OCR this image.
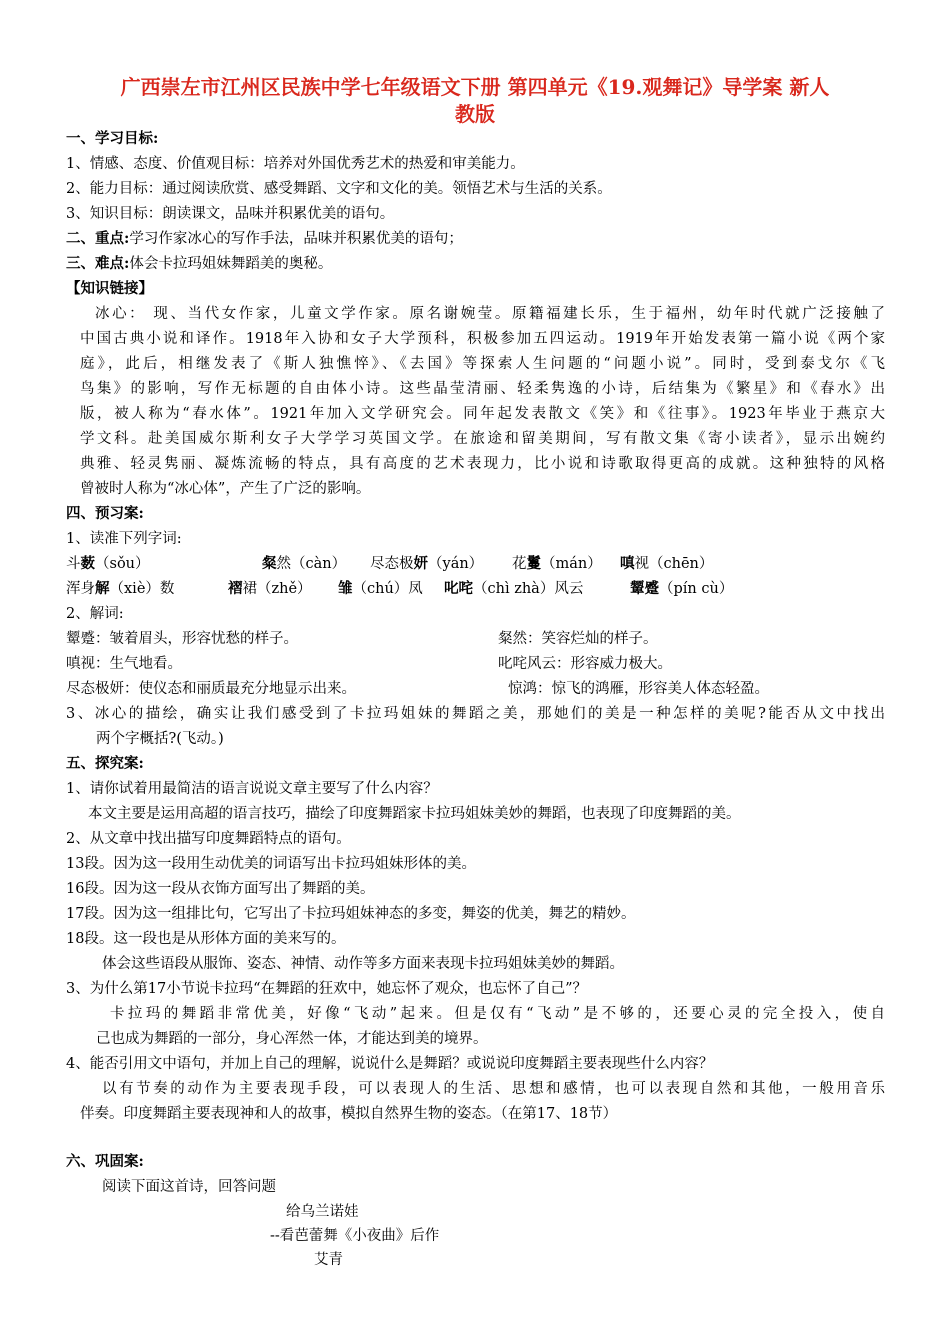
广西崇左市江州区民族中学七年级语文下册 第四单元《19.观舞记》导学案 新人
教版
一、学习目标:
1、情感、态度、价值观目标：培养对外国优秀艺术的热爱和审美能力。
2、能力目标：通过阅读欣赏、感受舞蹈、文字和文化的美。领悟艺术与生活的关系。
3、知识目标：朗读课文，品味并积累优美的语句。
二、重点:学习作家冰心的写作手法，品味并积累优美的语句；
三、难点:体会卡拉玛姐妹舞蹈美的奥秘。
【知识链接】
冰心： 现、当代女作家，儿童文学作家。原名谢婉莹。原籍福建长乐，生于福州，幼年时代就广泛接触了
中国古典小说和译作。1918年入协和女子大学预科，积极参加五四运动。1919年开始发表第一篇小说《两个家
庭》，此后，相继发表了《斯人独憔悴》、《去国》等探索人生问题的“问题小说”。同时，受到泰戈尔《飞
鸟集》的影响，写作无标题的自由体小诗。这些晶莹清丽、轻柔隽逸的小诗，后结集为《繁星》和《春水》出
版，被人称为“春水体”。1921年加入文学研究会。同年起发表散文《笑》和《往事》。1923年毕业于燕京大
学文科。赴美国威尔斯利女子大学学习英国文学。在旅途和留美期间，写有散文集《寄小读者》，显示出婉约
典雅、轻灵隽丽、凝炼流畅的特点，具有高度的艺术表现力，比小说和诗歌取得更高的成就。这种独特的风格
曾被时人称为“冰心体”，产生了广泛的影响。
四、预习案:
1、读准下列字词:
斗薮（sǒu）	粲然（càn） 尽态极妍（yán） 花鬘（mán） 嗔视（chēn）
浑身解（xiè）数	褶裙（zhě） 雏（chú）凤 叱咤（chì zhà）风云	颦蹙（pín cù）
2、解词:
颦蹙：皱着眉头，形容忧愁的样子。	粲然：笑容烂灿的样子。
嗔视：生气地看。	叱咤风云：形容威力极大。
尽态极妍：使仪态和丽质最充分地显示出来。	惊鸿：惊飞的鸿雁，形容美人体态轻盈。
3、冰心的描绘，确实让我们感受到了卡拉玛姐妹的舞蹈之美，那她们的美是一种怎样的美呢?能否从文中找出
两个字概括?(飞动。)
五、探究案:
1、请你试着用最简洁的语言说说文章主要写了什么内容？
本文主要是运用高超的语言技巧，描绘了印度舞蹈家卡拉玛姐妹美妙的舞蹈，也表现了印度舞蹈的美。
2、从文章中找出描写印度舞蹈特点的语句。
13段。因为这一段用生动优美的词语写出卡拉玛姐妹形体的美。
16段。因为这一段从衣饰方面写出了舞蹈的美。
17段。因为这一组排比句，它写出了卡拉玛姐妹神态的多变，舞姿的优美，舞艺的精妙。
18段。这一段也是从形体方面的美来写的。
体会这些语段从服饰、姿态、神情、动作等多方面来表现卡拉玛姐妹美妙的舞蹈。
3、为什么第17小节说卡拉玛“在舞蹈的狂欢中，她忘怀了观众，也忘怀了自己”？
卡拉玛的舞蹈非常优美，好像“飞动”起来。但是仅有“飞动”是不够的，还要心灵的完全投入，使自
己也成为舞蹈的一部分，身心浑然一体，才能达到美的境界。
4、能否引用文中语句，并加上自己的理解，说说什么是舞蹈？或说说印度舞蹈主要表现些什么内容？
以有节奏的动作为主要表现手段，可以表现人的生活、思想和感情，也可以表现自然和其他，一般用音乐
伴奏。印度舞蹈主要表现神和人的故事，模拟自然界生物的姿态。（在第17、18节）
六、巩固案:
阅读下面这首诗，回答问题
给乌兰诺娃
--看芭蕾舞《小夜曲》后作
艾青
